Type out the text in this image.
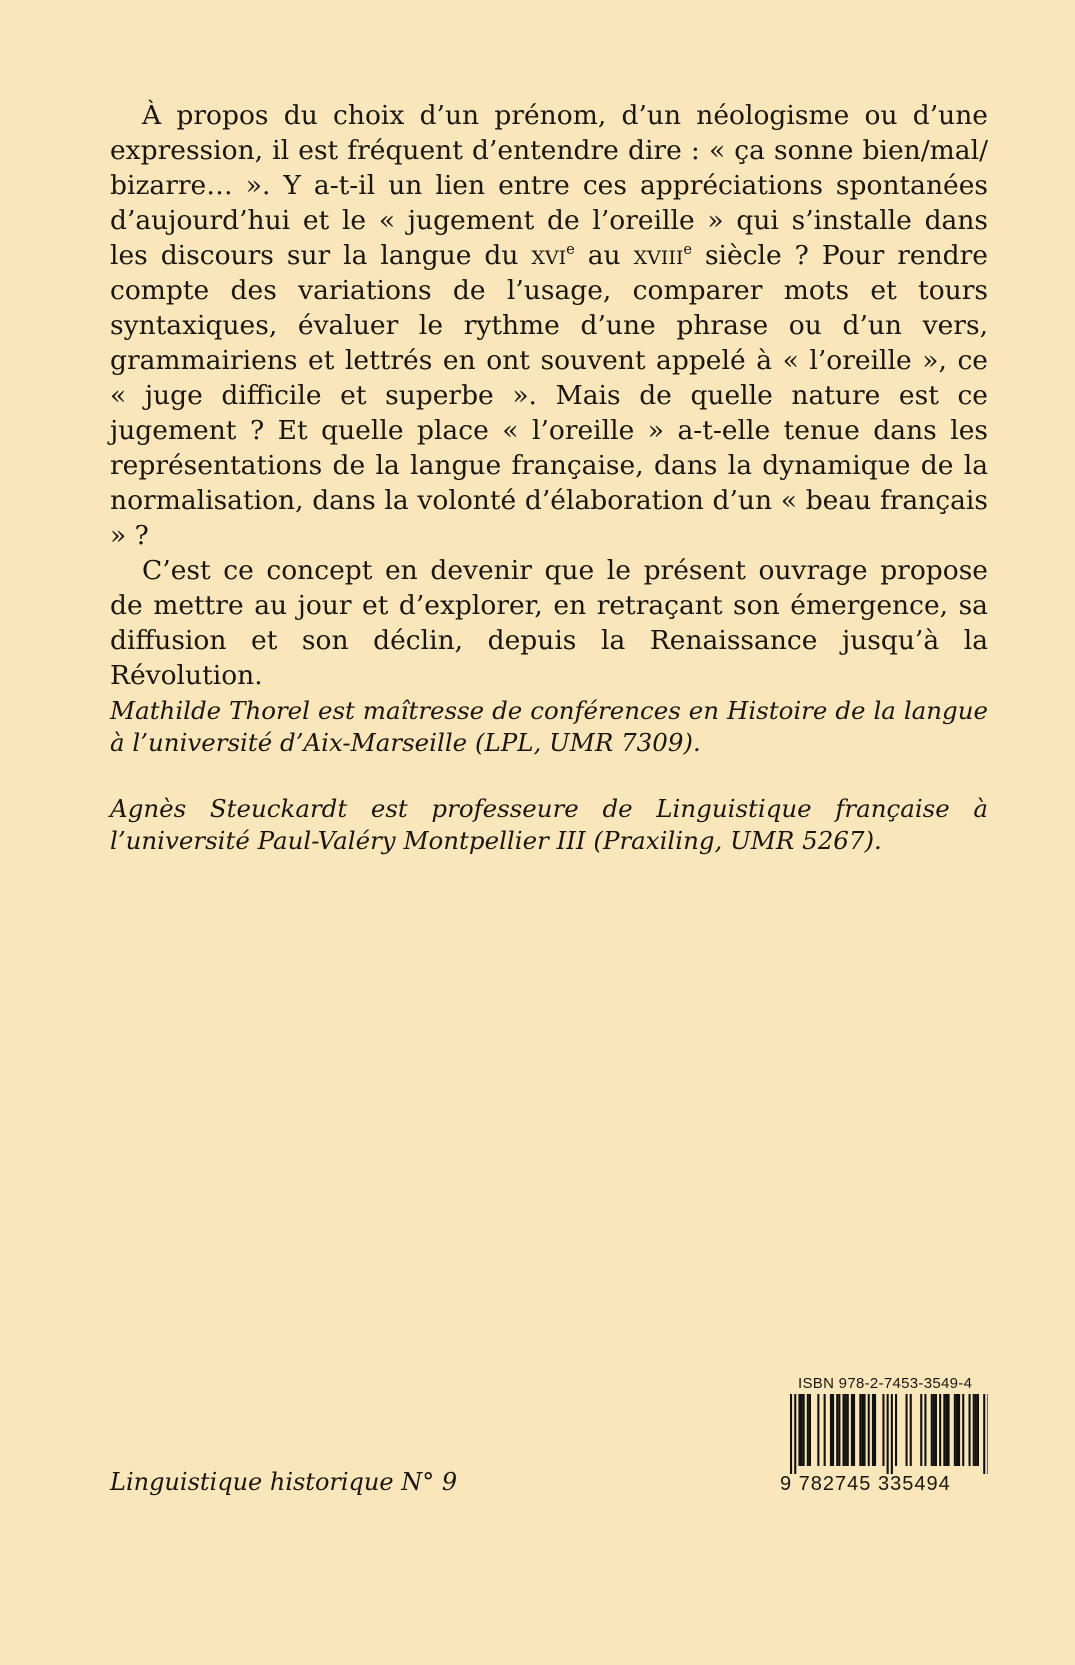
À propos du choix d’un prénom, d’un néologisme ou d’une expression, il est fréquent d’entendre dire : « ça sonne bien/mal/ bizarre… ». Y a-t-il un lien entre ces appréciations spontanées d’aujourd’hui et le « jugement de l’oreille » qui s’installe dans les discours sur la langue du xvi$^e$ au xviii$^e$ siècle ? Pour rendre compte des variations de l’usage, comparer mots et tours syntaxiques, évaluer le rythme d’une phrase ou d’un vers, grammairiens et lettrés en ont souvent appelé à « l’oreille », ce « juge difficile et superbe ». Mais de quelle nature est ce jugement ? Et quelle place « l’oreille » a-t-elle tenue dans les représentations de la langue française, dans la dynamique de la normalisation, dans la volonté d’élaboration d’un « beau français » ?

C’est ce concept en devenir que le présent ouvrage propose de mettre au jour et d’explorer, en retraçant son émergence, sa diffusion et son déclin, depuis la Renaissance jusqu’à la Révolution.

Mathilde Thorel est maîtresse de conférences en Histoire de la langue à l’université d’Aix-Marseille (LPL, UMR 7309).
Agnès Steuckardt est professeure de Linguistique française à l’université Paul-Valéry Montpellier III (Praxiling, UMR 5267).
Linguistique historique N° 9
ISBN 978-2-7453-3549-4
9 782745 335494
